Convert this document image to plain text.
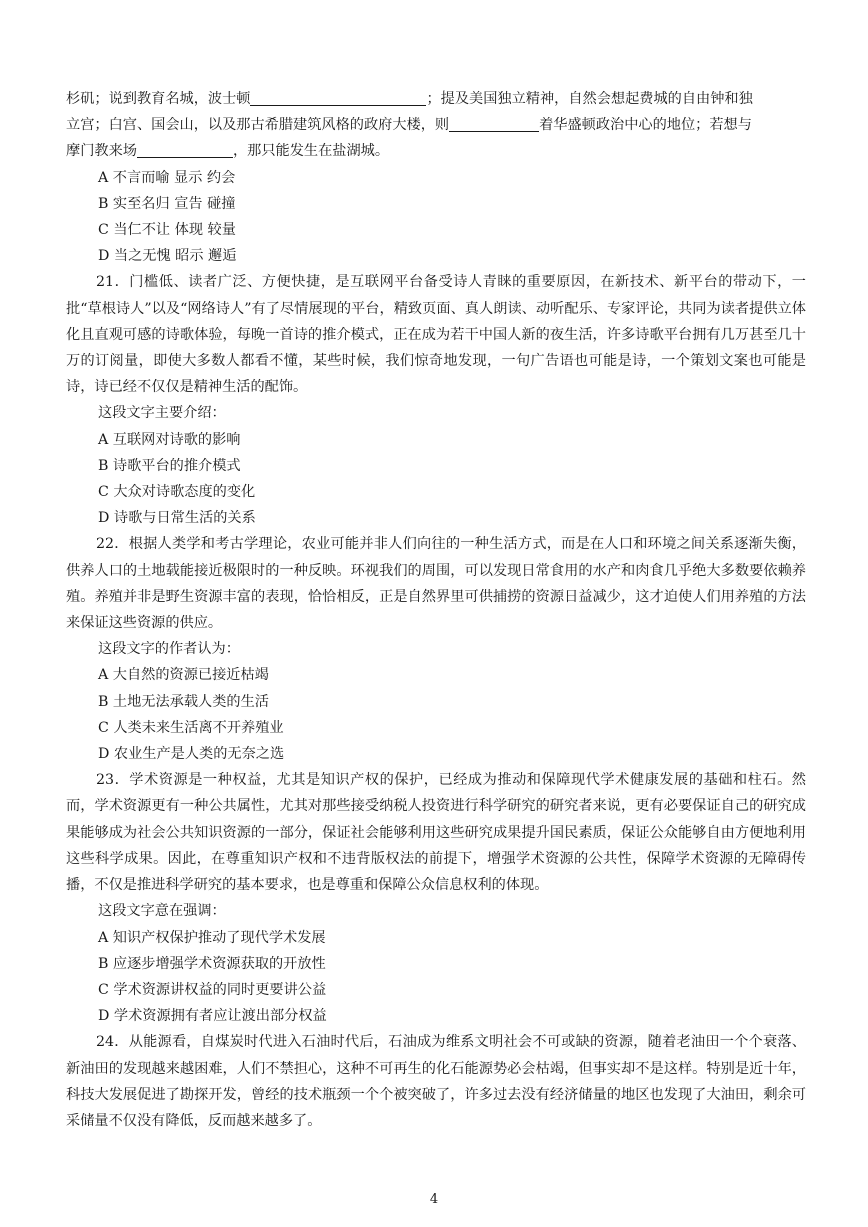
杉矶；说到教育名城，波士顿	；提及美国独立精神，自然会想起费城的自由钟和独
立宫；白宫、国会山，以及那古希腊建筑风格的政府大楼，则	着华盛顿政治中心的地位；若想与
摩门教来场	，那只能发生在盐湖城。

A 不言而喻 显示 约会

B 实至名归 宣告 碰撞

C 当仁不让 体现 较量

D 当之无愧 昭示 邂逅

21．门槛低、读者广泛、方便快捷，是互联网平台备受诗人青睐的重要原因，在新技术、新平台的带动下，一批“草根诗人”以及“网络诗人”有了尽情展现的平台，精致页面、真人朗读、动听配乐、专家评论，共同为读者提供立体化且直观可感的诗歌体验，每晚一首诗的推介模式，正在成为若干中国人新的夜生活，许多诗歌平台拥有几万甚至几十万的订阅量，即使大多数人都看不懂，某些时候，我们惊奇地发现，一句广告语也可能是诗，一个策划文案也可能是诗，诗已经不仅仅是精神生活的配饰。

这段文字主要介绍：

A 互联网对诗歌的影响

B 诗歌平台的推介模式

C 大众对诗歌态度的变化

D 诗歌与日常生活的关系

22．根据人类学和考古学理论，农业可能并非人们向往的一种生活方式，而是在人口和环境之间关系逐渐失衡，供养人口的土地载能接近极限时的一种反映。环视我们的周围，可以发现日常食用的水产和肉食几乎绝大多数要依赖养殖。养殖并非是野生资源丰富的表现，恰恰相反，正是自然界里可供捕捞的资源日益减少，这才迫使人们用养殖的方法来保证这些资源的供应。

这段文字的作者认为：

A 大自然的资源已接近枯竭

B 土地无法承载人类的生活

C 人类未来生活离不开养殖业

D 农业生产是人类的无奈之选

23．学术资源是一种权益，尤其是知识产权的保护，已经成为推动和保障现代学术健康发展的基础和柱石。然而，学术资源更有一种公共属性，尤其对那些接受纳税人投资进行科学研究的研究者来说，更有必要保证自己的研究成果能够成为社会公共知识资源的一部分，保证社会能够利用这些研究成果提升国民素质，保证公众能够自由方便地利用这些科学成果。因此，在尊重知识产权和不违背版权法的前提下，增强学术资源的公共性，保障学术资源的无障碍传播，不仅是推进科学研究的基本要求，也是尊重和保障公众信息权利的体现。

这段文字意在强调：

A 知识产权保护推动了现代学术发展

B 应逐步增强学术资源获取的开放性

C 学术资源讲权益的同时更要讲公益

D 学术资源拥有者应让渡出部分权益

24．从能源看，自煤炭时代进入石油时代后，石油成为维系文明社会不可或缺的资源，随着老油田一个个衰落、新油田的发现越来越困难，人们不禁担心，这种不可再生的化石能源势必会枯竭，但事实却不是这样。特别是近十年，科技大发展促进了勘探开发，曾经的技术瓶颈一个个被突破了，许多过去没有经济储量的地区也发现了大油田，剩余可采储量不仅没有降低，反而越来越多了。

4
